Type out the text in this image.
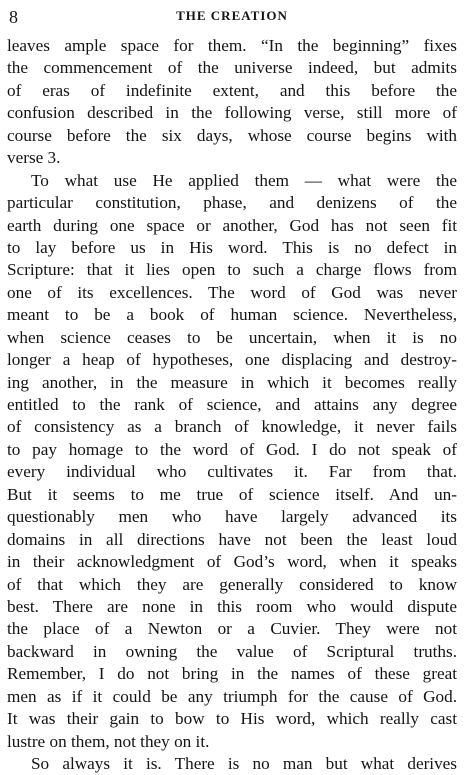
8	THE CREATION
leaves ample space for them. “In the beginning” fixes
the commencement of the universe indeed, but admits
of eras of indefinite extent, and this before the
confusion described in the following verse, still more of
course before the six days, whose course begins with
verse 3.
To what use He applied them — what were the
particular constitution, phase, and denizens of the
earth during one space or another, God has not seen fit
to lay before us in His word. This is no defect in
Scripture: that it lies open to such a charge flows from
one of its excellences. The word of God was never
meant to be a book of human science. Nevertheless,
when science ceases to be uncertain, when it is no
longer a heap of hypotheses, one displacing and destroy-
ing another, in the measure in which it becomes really
entitled to the rank of science, and attains any degree
of consistency as a branch of knowledge, it never fails
to pay homage to the word of God. I do not speak of
every individual who cultivates it. Far from that.
But it seems to me true of science itself. And un-
questionably men who have largely advanced its
domains in all directions have not been the least loud
in their acknowledgment of God’s word, when it speaks
of that which they are generally considered to know
best. There are none in this room who would dispute
the place of a Newton or a Cuvier. They were not
backward in owning the value of Scriptural truths.
Remember, I do not bring in the names of these great
men as if it could be any triumph for the cause of God.
It was their gain to bow to His word, which really cast
lustre on them, not they on it.
So always it is. There is no man but what derives
